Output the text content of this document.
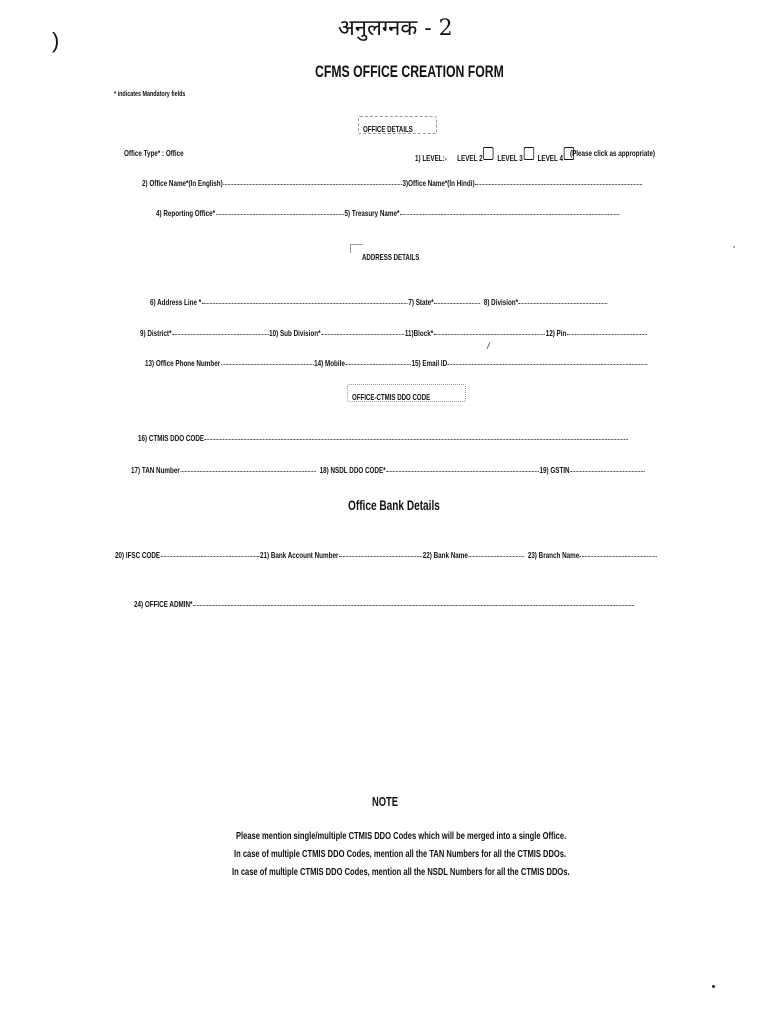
अनुलग्नक - 2
)
CFMS OFFICE CREATION FORM
* indicates Mandatory fields
OFFICE DETAILS
Office Type* : Office	1) LEVEL:- LEVEL 2 LEVEL 3 LEVEL 4 (Please click as appropriate)
2) Office Name*(In English)	3)Office Name*(In Hindi)
4) Reporting Office*	5) Treasury Name*
ADDRESS DETAILS
6) Address Line *	7) State*	8) Division*
9) District*	10) Sub Division*	11)Block*	12) Pin
13) Office Phone Number	14) Mobile	15) Email ID
OFFICE-CTMIS DDO CODE
16) CTMIS DDO CODE
17) TAN Number	18) NSDL DDO CODE*	19) GSTIN
Office Bank Details
20) IFSC CODE	21) Bank Account Number	22) Bank Name	23) Branch Name
24) OFFICE ADMIN*
NOTE
Please mention single/multiple CTMIS DDO Codes which will be merged into a single Office.
In case of multiple CTMIS DDO Codes, mention all the TAN Numbers for all the CTMIS DDOs.
In case of multiple CTMIS DDO Codes, mention all the NSDL Numbers for all the CTMIS DDOs.
